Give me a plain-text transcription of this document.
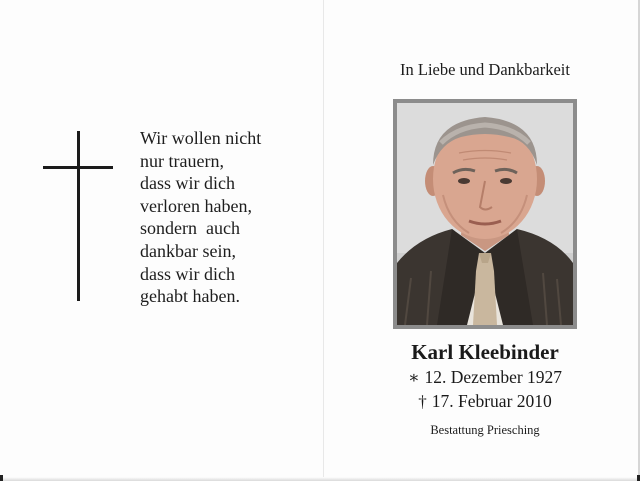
Wir wollen nicht
nur trauern,
dass wir dich
verloren haben,
sondern  auch
dankbar sein,
dass wir dich
gehabt haben.
In Liebe und Dankbarkeit
Karl Kleebinder
∗ 12. Dezember 1927
† 17. Februar 2010
Bestattung Priesching
